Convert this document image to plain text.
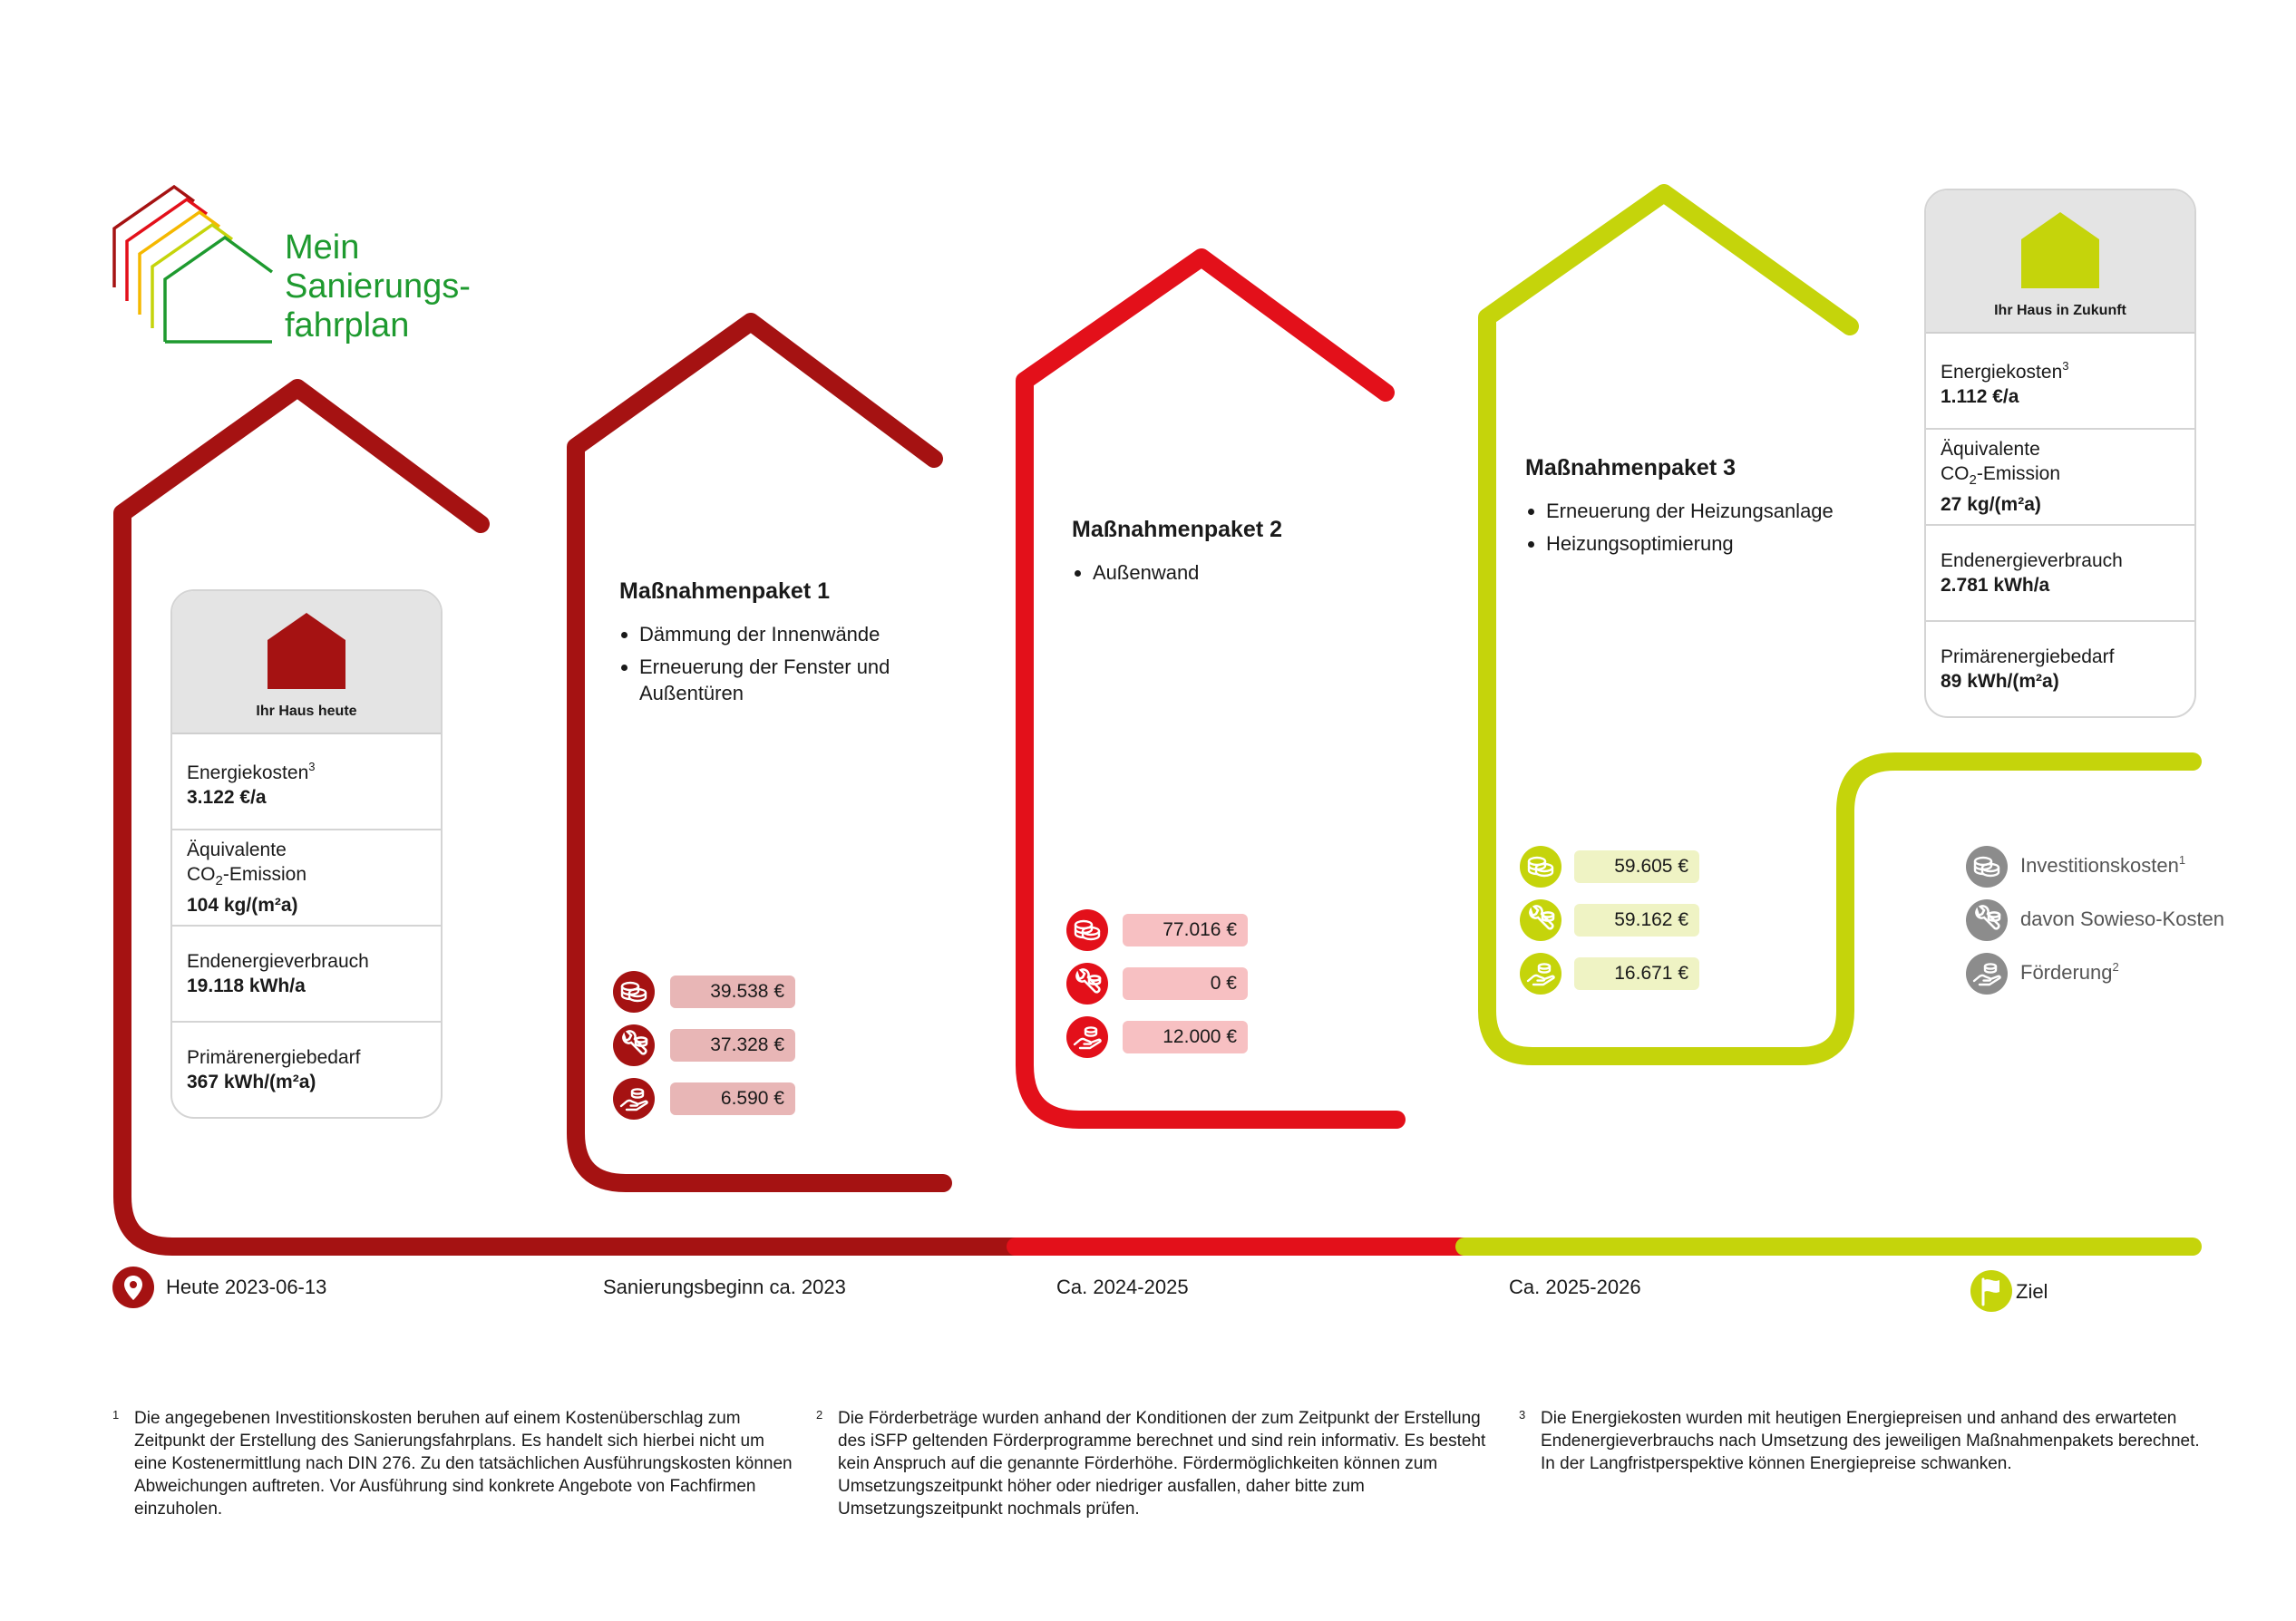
Mein
Sanierungs-
fahrplan
Ihr Haus heute
Energiekosten$^3$
3.122 €/a
Äquivalente
$CO_2$-Emission
104 kg/(m²a)
Endenergieverbrauch
19.118 kWh/a
Primärenergiebedarf
367 kWh/(m²a)
Ihr Haus in Zukunft
Energiekosten$^3$
1.112 €/a
Äquivalente
$CO_2$-Emission
27 kg/(m²a)
Endenergieverbrauch
2.781 kWh/a
Primärenergiebedarf
89 kWh/(m²a)
Maßnahmenpaket 1
• Dämmung der Innenwände
• Erneuerung der Fenster und Außentüren
Maßnahmenpaket 2
• Außenwand
Maßnahmenpaket 3
• Erneuerung der Heizungsanlage
• Heizungsoptimierung
39.538 €
37.328 €
6.590 €
77.016 €
0 €
12.000 €
59.605 €
59.162 €
16.671 €
Investitionskosten$^1$
davon Sowieso-Kosten
Förderung$^2$
Heute 2023-06-13	Sanierungsbeginn ca. 2023	Ca. 2024-2025	Ca. 2025-2026	Ziel
1 Die angegebenen Investitionskosten beruhen auf einem Kostenüberschlag zum Zeitpunkt der Erstellung des Sanierungsfahrplans. Es handelt sich hierbei nicht um eine Kostenermittlung nach DIN 276. Zu den tatsächlichen Ausführungskosten können Abweichungen auftreten. Vor Ausführung sind konkrete Angebote von Fachfirmen einzuholen.
2 Die Förderbeträge wurden anhand der Konditionen der zum Zeitpunkt der Erstellung des iSFP geltenden Förderprogramme berechnet und sind rein informativ. Es besteht kein Anspruch auf die genannte Förderhöhe. Fördermöglichkeiten können zum Umsetzungszeitpunkt höher oder niedriger ausfallen, daher bitte zum Umsetzungszeitpunkt nochmals prüfen.
3 Die Energiekosten wurden mit heutigen Energiepreisen und anhand des erwarteten Endenergieverbrauchs nach Umsetzung des jeweiligen Maßnahmenpakets berechnet. In der Langfristperspektive können Energiepreise schwanken.
